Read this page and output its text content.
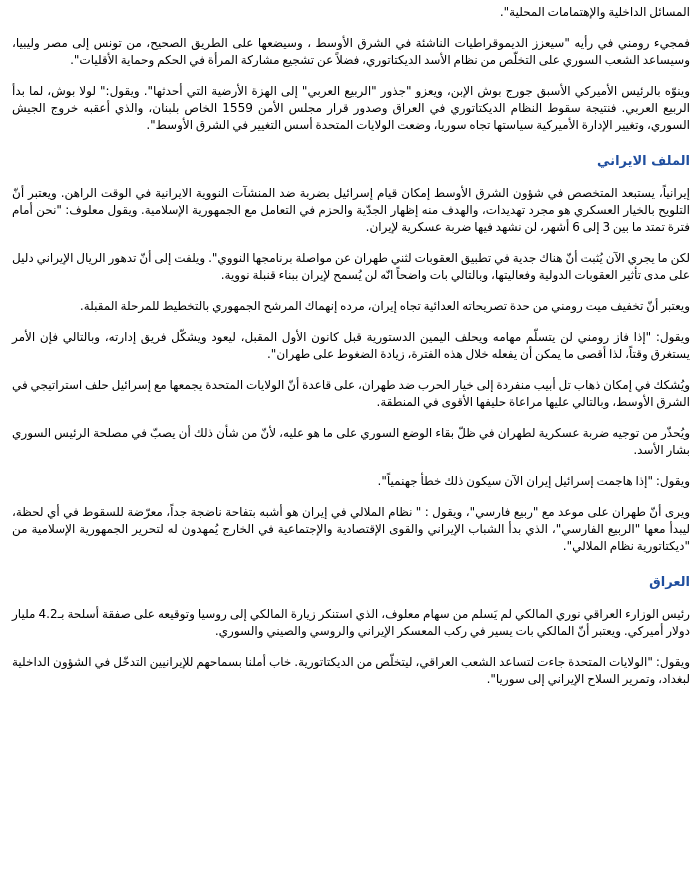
المسائل الداخلية والإهتمامات المحلية".

فمجيء رومني في رأيه "سيعزز الديموقراطيات الناشئة في الشرق الأوسط ، وسيضعها على الطريق الصحيح، من تونس إلى مصر وليبيا، وسيساعد الشعب السوري على التخلّص من نظام الأسد الديكتاتوري، فضلاً عن تشجيع مشاركة المرأة في الحكم وحماية الأقليات".

وينوّه بالرئيس الأميركي الأسبق جورج بوش الإبن، ويعزو "جذور "الربيع العربي" إلى الهزة الأرضية التي أحدثها". ويقول:" لولا بوش، لما بدأ الربيع العربي. فنتيجة سقوط النظام الديكتاتوري في العراق وصدور قرار مجلس الأمن 1559 الخاص بلبنان، والذي أعقبه خروج الجيش السوري، وتغيير الإدارة الأميركية سياستها تجاه سوريا، وضعت الولايات المتحدة أسس التغيير في الشرق الأوسط".

الملف الايراني

إيرانياً، يستبعد المتخصص في شؤون الشرق الأوسط إمكان قيام إسرائيل بضربة ضد المنشآت النووية الايرانية في الوقت الراهن. ويعتبر أنّ التلويح بالخيار العسكري هو مجرد تهديدات، والهدف منه إظهار الجدّية والحزم في التعامل مع الجمهورية الإسلامية. ويقول معلوف: "نحن أمام فترة تمتد ما بين 3 إلى 6 أشهر، لن نشهد فيها ضربة عسكرية لإيران.

لكن ما يجري الآن يُثبت أنّ هناك جدية في تطبيق العقوبات لثني طهران عن مواصلة برنامجها النووي". ويلفت إلى أنّ تدهور الريال الإيراني دليل على مدى تأثير العقوبات الدولية وفعاليتها، وبالتالي بات واضحاً انّه لن يُسمح لإيران ببناء قنبلة نووية.

ويعتبر أنّ تخفيف ميت رومني من حدة تصريحاته العدائية تجاه إيران، مرده إنهماك المرشح الجمهوري بالتخطيط للمرحلة المقبلة.

ويقول: "إذا فاز رومني لن يتسلّم مهامه ويحلف اليمين الدستورية قبل كانون الأول المقبل، ليعود ويشكّل فريق إدارته، وبالتالي فإن الأمر يستغرق وقتاً، لذا أقصى ما يمكن أن يفعله خلال هذه الفترة، زيادة الضغوط على طهران".

ويُشكك في إمكان ذهاب تل أبيب منفردة إلى خيار الحرب ضد طهران، على قاعدة أنّ الولايات المتحدة يجمعها مع إسرائيل حلف استراتيجي في الشرق الأوسط، وبالتالي عليها مراعاة حليفها الأقوى في المنطقة.

ويُحذّر من توجيه ضربة عسكرية لطهران في ظلّ بقاء الوضع السوري على ما هو عليه، لأنّ من شأن ذلك أن يصبّ في مصلحة الرئيس السوري بشار الأسد.

ويقول: "إذا هاجمت إسرائيل إيران الآن سيكون ذلك خطأ جهنمياً".

ويرى أنّ طهران على موعد مع "ربيع فارسي"، ويقول : " نظام الملالي في إيران هو أشبه بتفاحة ناضجة جداً، معرّضة للسقوط في أي لحظة، ليبدأ معها "الربيع الفارسي"، الذي بدأ الشباب الإيراني والقوى الإقتصادية والإجتماعية في الخارج يُمهدون له لتحرير الجمهورية الإسلامية من "ديكتاتورية نظام الملالي".

العراق

رئيس الوزارء العراقي نوري المالكي لم يَسلم من سهام معلوف، الذي استنكر زيارة المالكي إلى روسيا وتوقيعه على صفقة أسلحة بـ4.2 مليار دولار أميركي. ويعتبر أنّ المالكي بات يسير في ركب المعسكر الإيراني والروسي والصيني والسوري.

ويقول: "الولايات المتحدة جاءت لتساعد الشعب العراقي، ليتخلّص من الديكتاتورية. خاب أملنا بسماحهم للإيرانيين التدخّل في الشؤون الداخلية لبغداد، وتمرير السلاح الإيراني إلى سوريا".
